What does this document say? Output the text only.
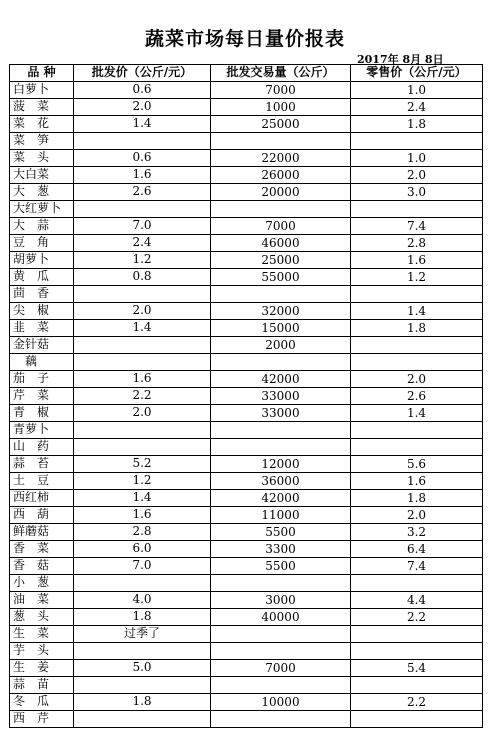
蔬菜市场每日量价报表
2017年 8月 8日
品 种	批发价（公斤/元）	批发交易量（公斤）	零售价（公斤/元）
白萝卜	0.6	7000	1.0
菠　菜	2.0	1000	2.4
菜　花	1.4	25000	1.8
菜　笋			
菜　头	0.6	22000	1.0
大白菜	1.6	26000	2.0
大　葱	2.6	20000	3.0
大红萝卜			
大　蒜	7.0	7000	7.4
豆　角	2.4	46000	2.8
胡萝卜	1.2	25000	1.6
黄　瓜	0.8	55000	1.2
茴　香			
尖　椒	2.0	32000	1.4
韭　菜	1.4	15000	1.8
金针菇		2000	
　藕			
茄　子	1.6	42000	2.0
芹　菜	2.2	33000	2.6
青　椒	2.0	33000	1.4
青萝卜			
山　药			
蒜　苔	5.2	12000	5.6
土　豆	1.2	36000	1.6
西红柿	1.4	42000	1.8
西　葫	1.6	11000	2.0
鲜蘑菇	2.8	5500	3.2
香　菜	6.0	3300	6.4
香　菇	7.0	5500	7.4
小　葱			
油　菜	4.0	3000	4.4
葱　头	1.8	40000	2.2
生　菜	过季了		
芋　头			
生　姜	5.0	7000	5.4
蒜　苗			
冬　瓜	1.8	10000	2.2
西　芹			
